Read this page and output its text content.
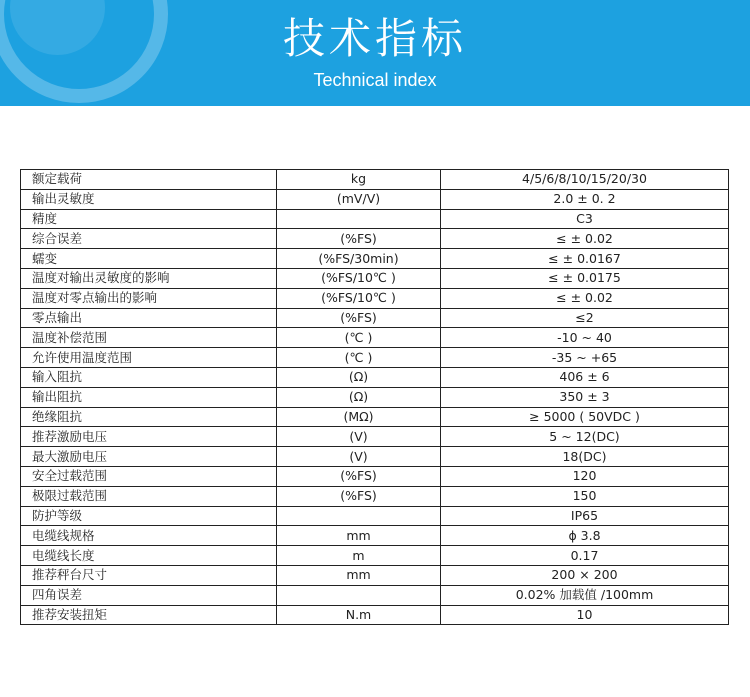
技术指标
Technical index
额定载荷	kg	4/5/6/8/10/15/20/30
输出灵敏度	(mV/V)	2.0 ± 0. 2
精度		C3
综合误差	(%FS)	≤ ± 0.02
蠕变	(%FS/30min)	≤ ± 0.0167
温度对输出灵敏度的影响	(%FS/10℃ )	≤ ± 0.0175
温度对零点输出的影响	(%FS/10℃ )	≤ ± 0.02
零点输出	(%FS)	≤2
温度补偿范围	(℃ )	-10 ~ 40
允许使用温度范围	(℃ )	-35 ~ +65
输入阻抗	(Ω)	406 ± 6
输出阻抗	(Ω)	350 ± 3
绝缘阻抗	(MΩ)	≥ 5000 ( 50VDC )
推荐激励电压	(V)	5 ~ 12(DC)
最大激励电压	(V)	18(DC)
安全过载范围	(%FS)	120
极限过载范围	(%FS)	150
防护等级		IP65
电缆线规格	mm	ϕ 3.8
电缆线长度	m	0.17
推荐秤台尺寸	mm	200 × 200
四角误差		0.02% 加载值 /100mm
推荐安装扭矩	N.m	10
